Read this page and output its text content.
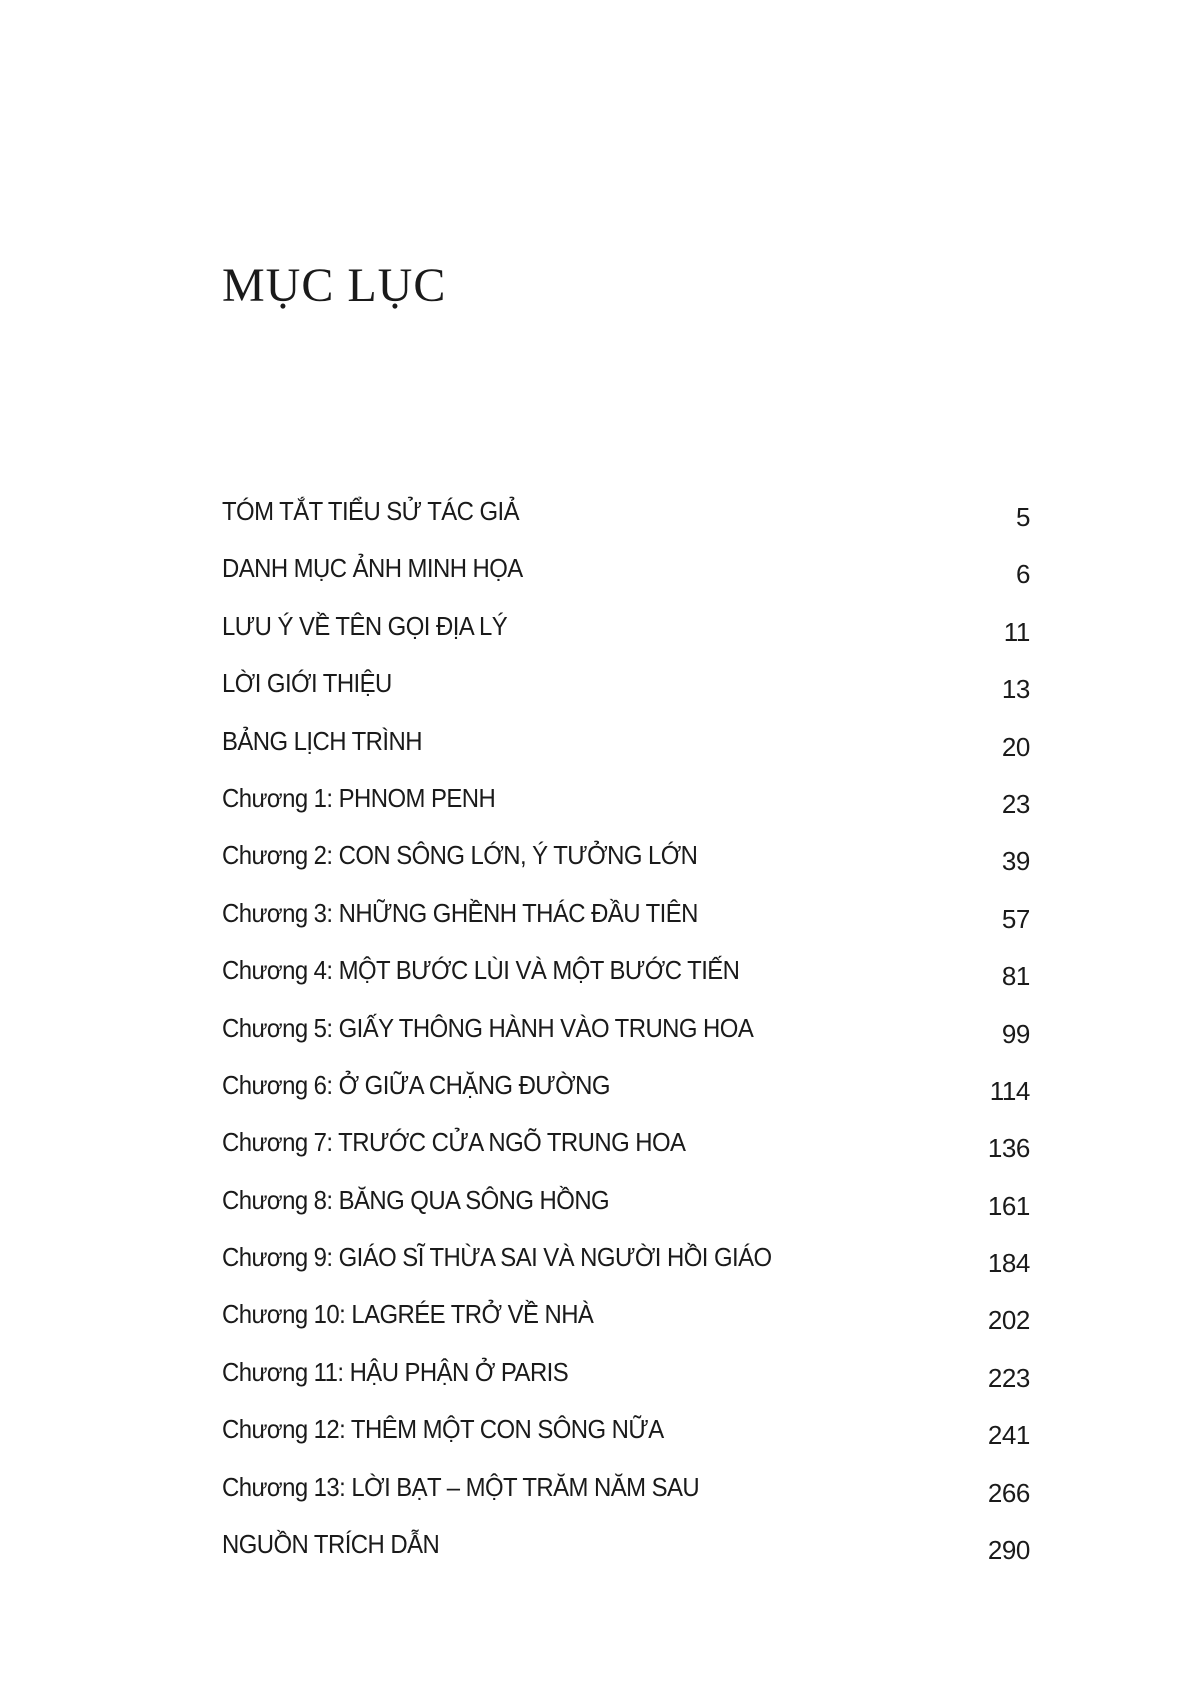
MỤC LỤC
TÓM TẮT TIỂU SỬ TÁC GIẢ	5
DANH MỤC ẢNH MINH HỌA	6
LƯU Ý VỀ TÊN GỌI ĐỊA LÝ	11
LỜI GIỚI THIỆU	13
BẢNG LỊCH TRÌNH	20
Chương 1: PHNOM PENH	23
Chương 2: CON SÔNG LỚN, Ý TƯỞNG LỚN	39
Chương 3: NHỮNG GHỀNH THÁC ĐẦU TIÊN	57
Chương 4: MỘT BƯỚC LÙI VÀ MỘT BƯỚC TIẾN	81
Chương 5: GIẤY THÔNG HÀNH VÀO TRUNG HOA	99
Chương 6: Ở GIỮA CHẶNG ĐƯỜNG	114
Chương 7: TRƯỚC CỬA NGÕ TRUNG HOA	136
Chương 8: BĂNG QUA SÔNG HỒNG	161
Chương 9: GIÁO SĨ THỪA SAI VÀ NGƯỜI HỒI GIÁO	184
Chương 10: LAGRÉE TRỞ VỀ NHÀ	202
Chương 11: HẬU PHẬN Ở PARIS	223
Chương 12: THÊM MỘT CON SÔNG NỮA	241
Chương 13: LỜI BẠT – MỘT TRĂM NĂM SAU	266
NGUỒN TRÍCH DẪN	290
